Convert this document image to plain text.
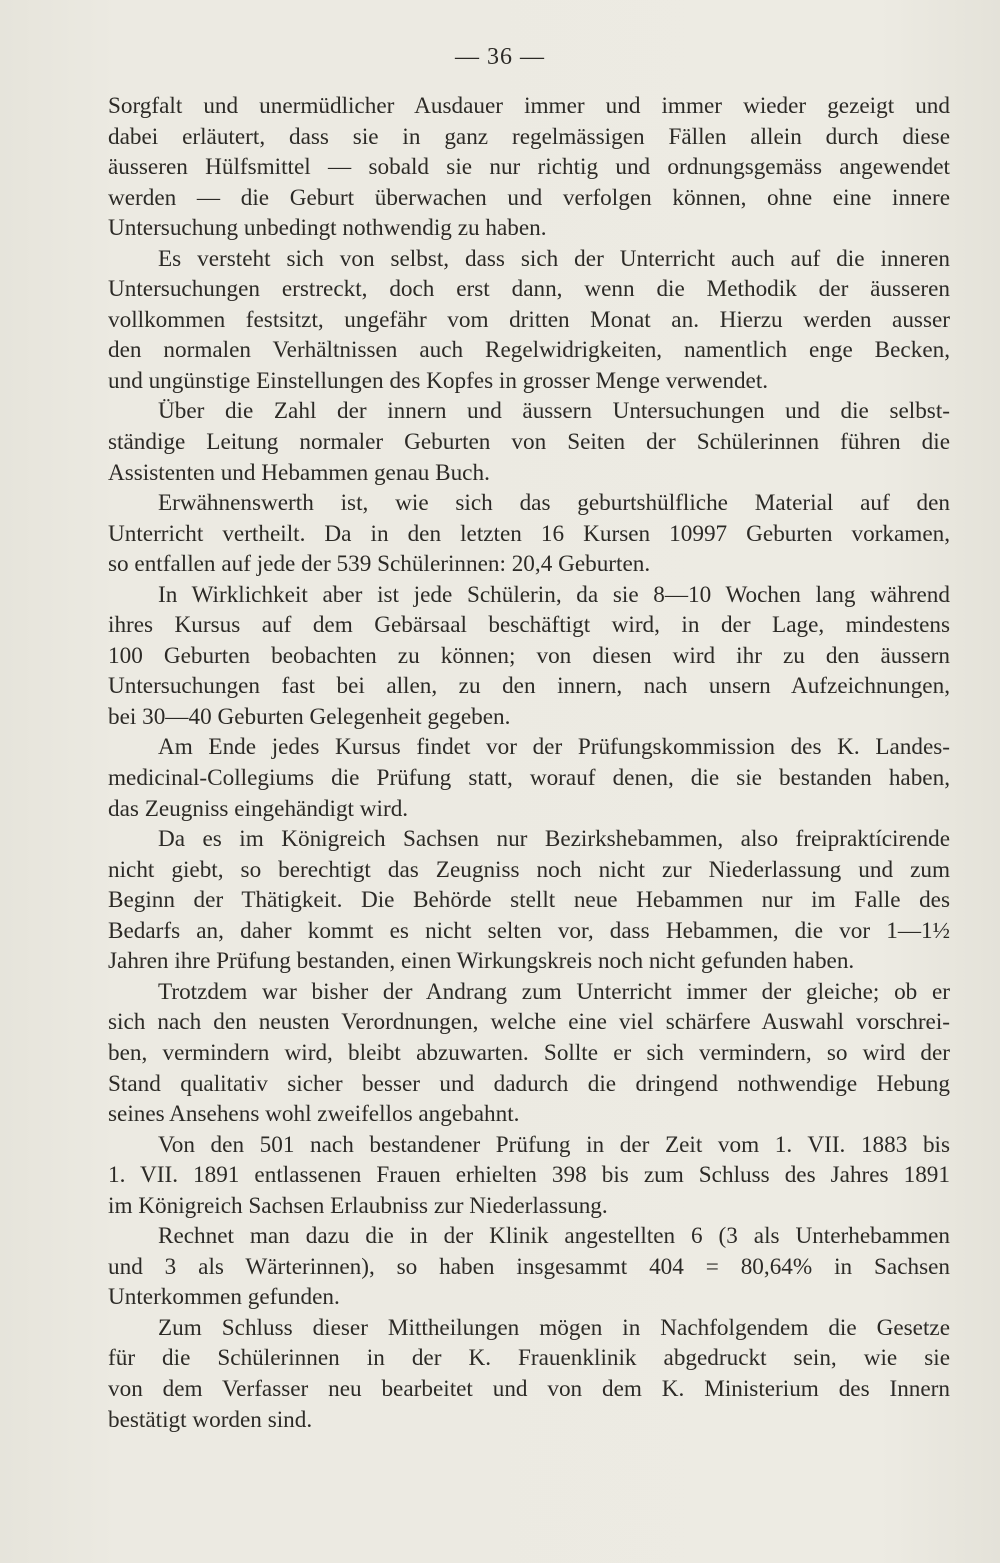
— 36 —
Sorgfalt und unermüdlicher Ausdauer immer und immer wieder gezeigt und
dabei erläutert, dass sie in ganz regelmässigen Fällen allein durch diese
äusseren Hülfsmittel — sobald sie nur richtig und ordnungsgemäss angewendet
werden — die Geburt überwachen und verfolgen können, ohne eine innere
Untersuchung unbedingt nothwendig zu haben.
Es versteht sich von selbst, dass sich der Unterricht auch auf die inneren
Untersuchungen erstreckt, doch erst dann, wenn die Methodik der äusseren
vollkommen festsitzt, ungefähr vom dritten Monat an. Hierzu werden ausser
den normalen Verhältnissen auch Regelwidrigkeiten, namentlich enge Becken,
und ungünstige Einstellungen des Kopfes in grosser Menge verwendet.
Über die Zahl der innern und äussern Untersuchungen und die selbst-
ständige Leitung normaler Geburten von Seiten der Schülerinnen führen die
Assistenten und Hebammen genau Buch.
Erwähnenswerth ist, wie sich das geburtshülfliche Material auf den
Unterricht vertheilt. Da in den letzten 16 Kursen 10997 Geburten vorkamen,
so entfallen auf jede der 539 Schülerinnen: 20,4 Geburten.
In Wirklichkeit aber ist jede Schülerin, da sie 8—10 Wochen lang während
ihres Kursus auf dem Gebärsaal beschäftigt wird, in der Lage, mindestens
100 Geburten beobachten zu können; von diesen wird ihr zu den äussern
Untersuchungen fast bei allen, zu den innern, nach unsern Aufzeichnungen,
bei 30—40 Geburten Gelegenheit gegeben.
Am Ende jedes Kursus findet vor der Prüfungskommission des K. Landes-
medicinal-Collegiums die Prüfung statt, worauf denen, die sie bestanden haben,
das Zeugniss eingehändigt wird.
Da es im Königreich Sachsen nur Bezirkshebammen, also freipraktícirende
nicht giebt, so berechtigt das Zeugniss noch nicht zur Niederlassung und zum
Beginn der Thätigkeit. Die Behörde stellt neue Hebammen nur im Falle des
Bedarfs an, daher kommt es nicht selten vor, dass Hebammen, die vor 1—1½
Jahren ihre Prüfung bestanden, einen Wirkungskreis noch nicht gefunden haben.
Trotzdem war bisher der Andrang zum Unterricht immer der gleiche; ob er
sich nach den neusten Verordnungen, welche eine viel schärfere Auswahl vorschrei-
ben, vermindern wird, bleibt abzuwarten. Sollte er sich vermindern, so wird der
Stand qualitativ sicher besser und dadurch die dringend nothwendige Hebung
seines Ansehens wohl zweifellos angebahnt.
Von den 501 nach bestandener Prüfung in der Zeit vom 1. VII. 1883 bis
1. VII. 1891 entlassenen Frauen erhielten 398 bis zum Schluss des Jahres 1891
im Königreich Sachsen Erlaubniss zur Niederlassung.
Rechnet man dazu die in der Klinik angestellten 6 (3 als Unterhebammen
und 3 als Wärterinnen), so haben insgesammt 404 = 80,64% in Sachsen
Unterkommen gefunden.
Zum Schluss dieser Mittheilungen mögen in Nachfolgendem die Gesetze
für die Schülerinnen in der K. Frauenklinik abgedruckt sein, wie sie
von dem Verfasser neu bearbeitet und von dem K. Ministerium des Innern
bestätigt worden sind.
